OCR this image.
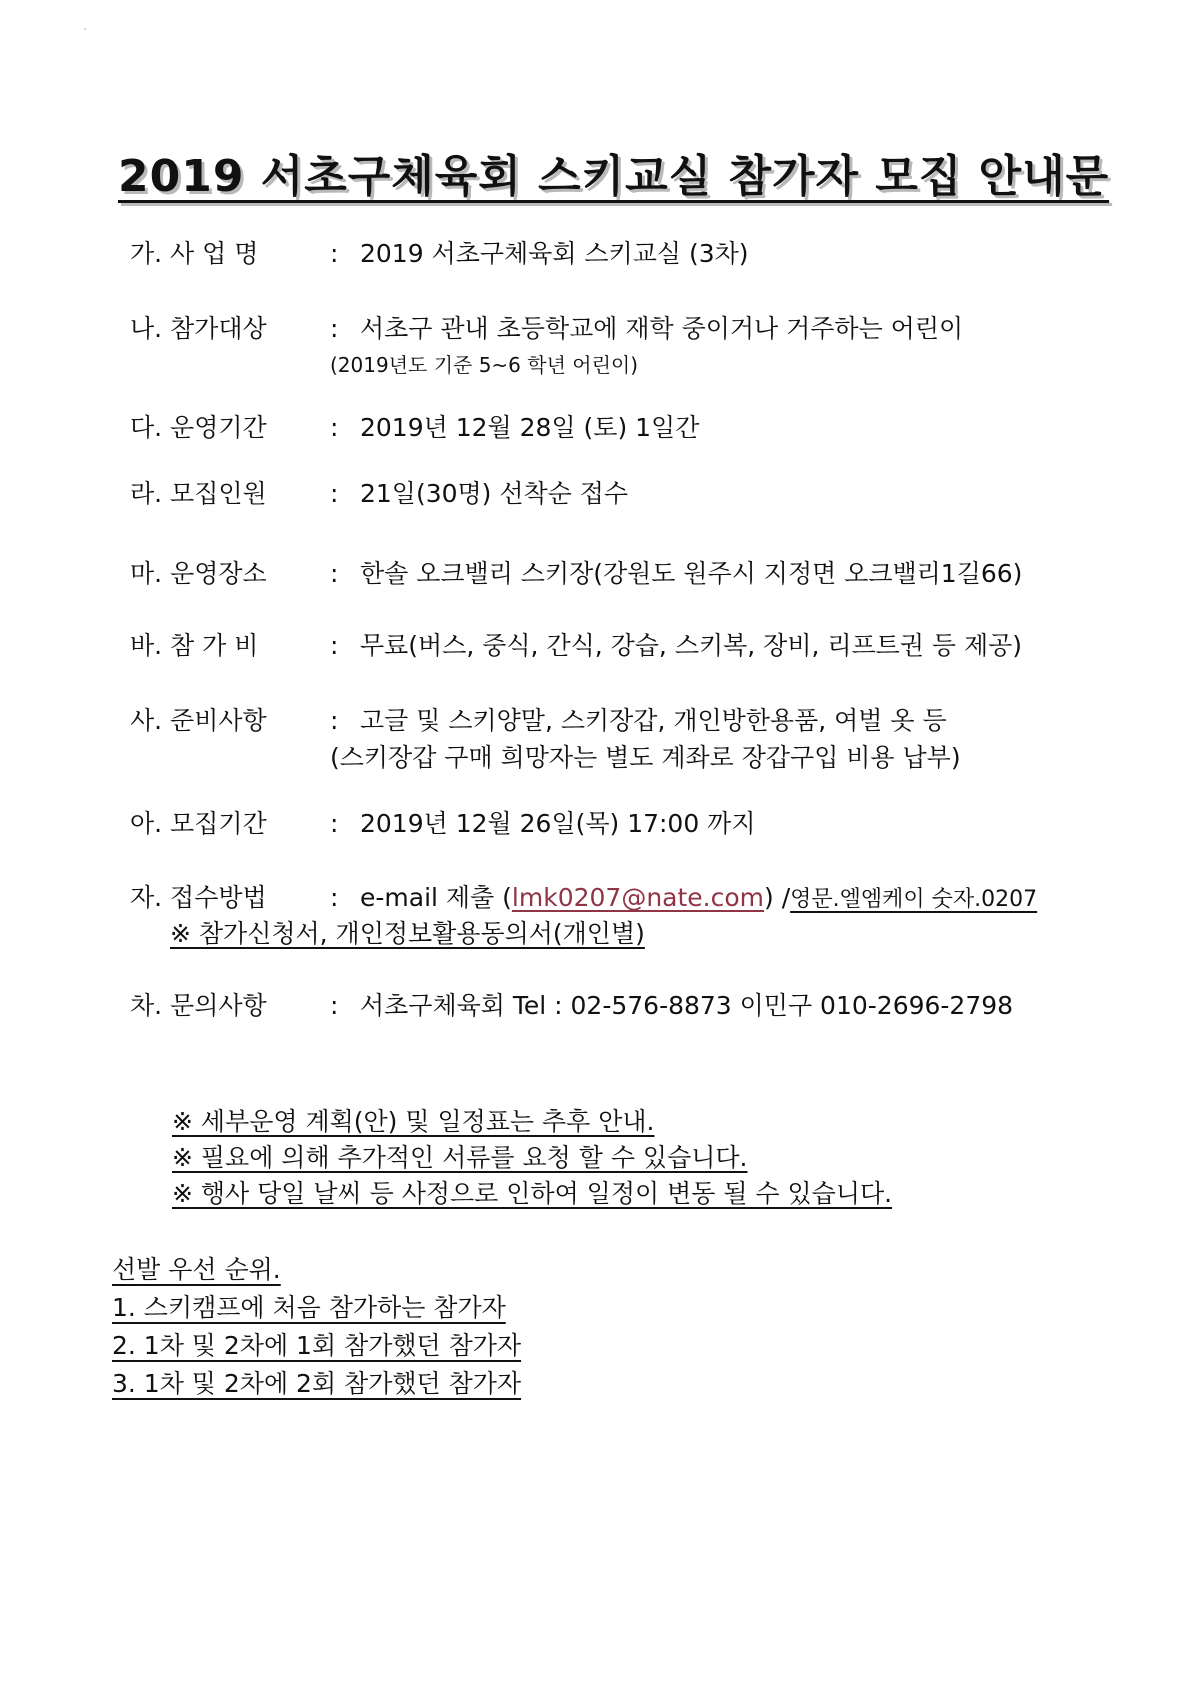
2019 서초구체육회 스키교실 참가자 모집 안내문
가. 사 업 명	: 2019 서초구체육회 스키교실 (3차)
나. 참가대상	: 서초구 관내 초등학교에 재학 중이거나 거주하는 어린이
(2019년도 기준 5~6 학년 어린이)
다. 운영기간	: 2019년 12월 28일 (토) 1일간
라. 모집인원	: 21일(30명) 선착순 접수
마. 운영장소	: 한솔 오크밸리 스키장(강원도 원주시 지정면 오크밸리1길66)
바. 참 가 비	: 무료(버스, 중식, 간식, 강습, 스키복, 장비, 리프트권 등 제공)
사. 준비사항	: 고글 및 스키양말, 스키장갑, 개인방한용품, 여벌 옷 등
(스키장갑 구매 희망자는 별도 계좌로 장갑구입 비용 납부)
아. 모집기간	: 2019년 12월 26일(목) 17:00 까지
자. 접수방법	: e-mail 제출 (lmk0207@nate.com) /영문.엘엠케이 숫자.0207
※ 참가신청서, 개인정보활용동의서(개인별)
차. 문의사항	: 서초구체육회 Tel : 02-576-8873 이민구 010-2696-2798
※ 세부운영 계획(안) 및 일정표는 추후 안내.
※ 필요에 의해 추가적인 서류를 요청 할 수 있습니다.
※ 행사 당일 날씨 등 사정으로 인하여 일정이 변동 될 수 있습니다.
선발 우선 순위.
1. 스키캠프에 처음 참가하는 참가자
2. 1차 및 2차에 1회 참가했던 참가자
3. 1차 및 2차에 2회 참가했던 참가자
